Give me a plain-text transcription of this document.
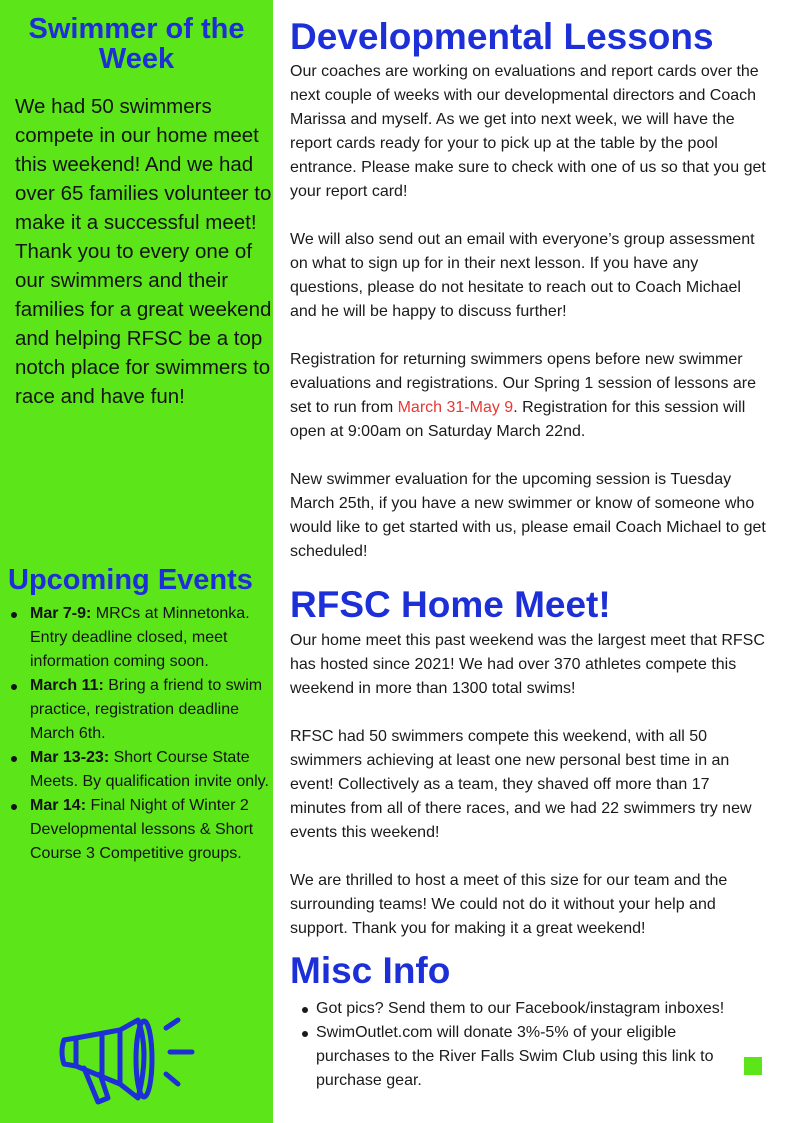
Swimmer of the
Week
We had 50 swimmers compete in our home meet this weekend! And we had over 65 families volunteer to make it a successful meet! Thank you to every one of our swimmers and their families for a great weekend and helping RFSC be a top notch place for swimmers to race and have fun!
Upcoming Events
Mar 7-9: MRCs at Minnetonka. Entry deadline closed, meet information coming soon.
March 11: Bring a friend to swim practice, registration deadline March 6th.
Mar 13-23: Short Course State Meets. By qualification invite only.
Mar 14: Final Night of Winter 2 Developmental lessons & Short Course 3 Competitive groups.
Developmental Lessons

Our coaches are working on evaluations and report cards over the next couple of weeks with our developmental directors and Coach Marissa and myself. As we get into next week, we will have the report cards ready for your to pick up at the table by the pool entrance. Please make sure to check with one of us so that you get your report card!

We will also send out an email with everyone’s group assessment on what to sign up for in their next lesson. If you have any questions, please do not hesitate to reach out to Coach Michael and he will be happy to discuss further!

Registration for returning swimmers opens before new swimmer evaluations and registrations. Our Spring 1 session of lessons are set to run from March 31-May 9. Registration for this session will open at 9:00am on Saturday March 22nd.

New swimmer evaluation for the upcoming session is Tuesday March 25th, if you have a new swimmer or know of someone who would like to get started with us, please email Coach Michael to get scheduled!

RFSC Home Meet!

Our home meet this past weekend was the largest meet that RFSC has hosted since 2021! We had over 370 athletes compete this weekend in more than 1300 total swims!

RFSC had 50 swimmers compete this weekend, with all 50 swimmers achieving at least one new personal best time in an event! Collectively as a team, they shaved off more than 17 minutes from all of there races, and we had 22 swimmers try new events this weekend!

We are thrilled to host a meet of this size for our team and the surrounding teams! We could not do it without your help and support. Thank you for making it a great weekend!

Misc Info
Got pics? Send them to our Facebook/instagram inboxes!
SwimOutlet.com will donate 3%-5% of your eligible purchases to the River Falls Swim Club using this link to purchase gear.
